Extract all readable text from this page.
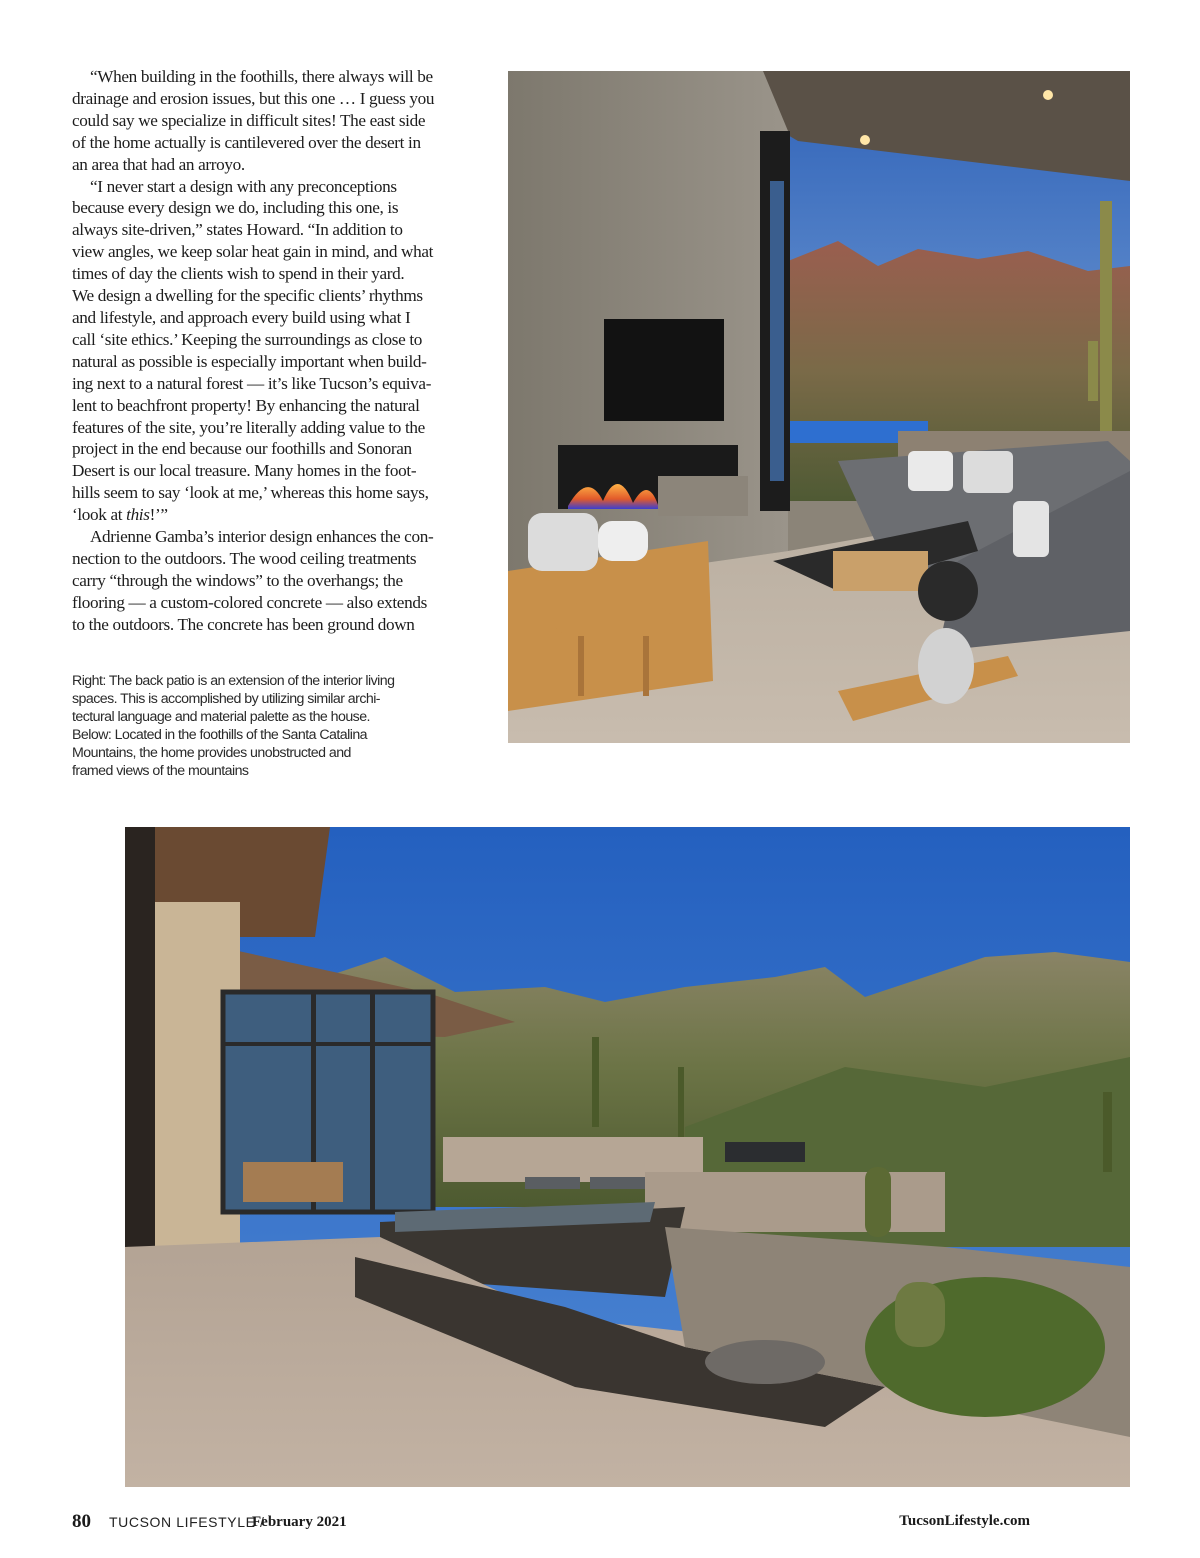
“When building in the foothills, there always will be
drainage and erosion issues, but this one … I guess you
could say we specialize in difficult sites! The east side
of the home actually is cantilevered over the desert in
an area that had an arroyo.

“I never start a design with any preconceptions
because every design we do, including this one, is
always site-driven,” states Howard. “In addition to
view angles, we keep solar heat gain in mind, and what
times of day the clients wish to spend in their yard.
We design a dwelling for the specific clients’ rhythms
and lifestyle, and approach every build using what I
call ‘site ethics.’ Keeping the surroundings as close to
natural as possible is especially important when build-
ing next to a natural forest — it’s like Tucson’s equiva-
lent to beachfront property! By enhancing the natural
features of the site, you’re literally adding value to the
project in the end because our foothills and Sonoran
Desert is our local treasure. Many homes in the foot-
hills seem to say ‘look at me,’ whereas this home says,
‘look at this!’”

Adrienne Gamba’s interior design enhances the con-
nection to the outdoors. The wood ceiling treatments
carry “through the windows” to the overhangs; the
flooring — a custom-colored concrete — also extends
to the outdoors. The concrete has been ground down

Right: The back patio is an extension of the interior living
spaces. This is accomplished by utilizing similar archi-
tectural language and material palette as the house.
Below: Located in the foothills of the Santa Catalina
Mountains, the home provides unobstructed and
framed views of the mountains
80 TUCSON LIFESTYLE /
February 2021	TucsonLifestyle.com
